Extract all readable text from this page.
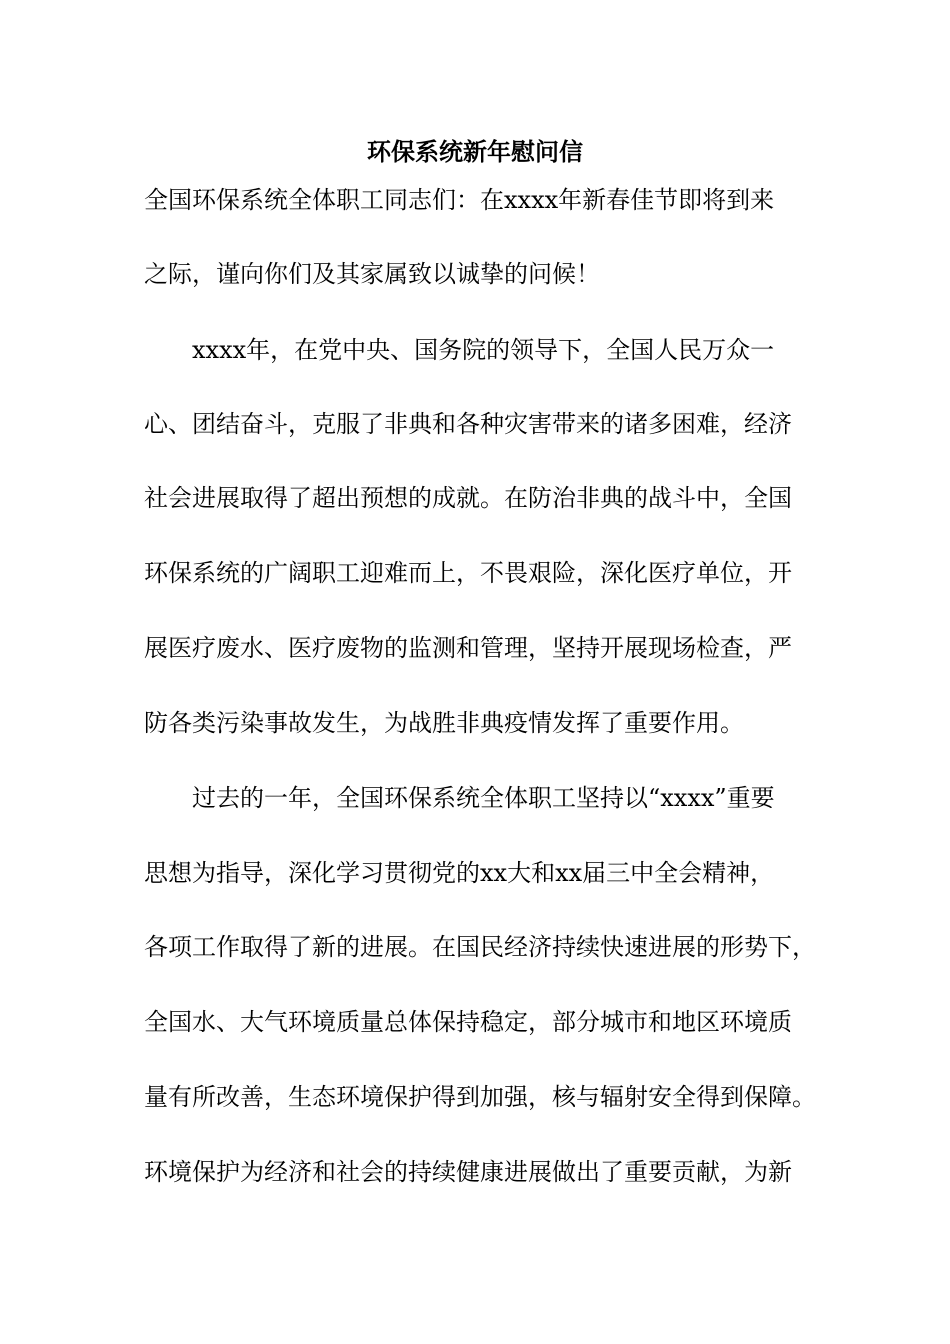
环保系统新年慰问信

全国环保系统全体职工同志们：在xxxx年新春佳节即将到来

之际，谨向你们及其家属致以诚挚的问候！

　　xxxx年，在党中央、国务院的领导下，全国人民万众一

心、团结奋斗，克服了非典和各种灾害带来的诸多困难，经济

社会进展取得了超出预想的成就。在防治非典的战斗中，全国

环保系统的广阔职工迎难而上，不畏艰险，深化医疗单位，开

展医疗废水、医疗废物的监测和管理，坚持开展现场检查，严

防各类污染事故发生，为战胜非典疫情发挥了重要作用。

　　过去的一年，全国环保系统全体职工坚持以“xxxx”重要

思想为指导，深化学习贯彻党的xx大和xx届三中全会精神，

各项工作取得了新的进展。在国民经济持续快速进展的形势下，

全国水、大气环境质量总体保持稳定，部分城市和地区环境质

量有所改善，生态环境保护得到加强，核与辐射安全得到保障。

环境保护为经济和社会的持续健康进展做出了重要贡献，为新
